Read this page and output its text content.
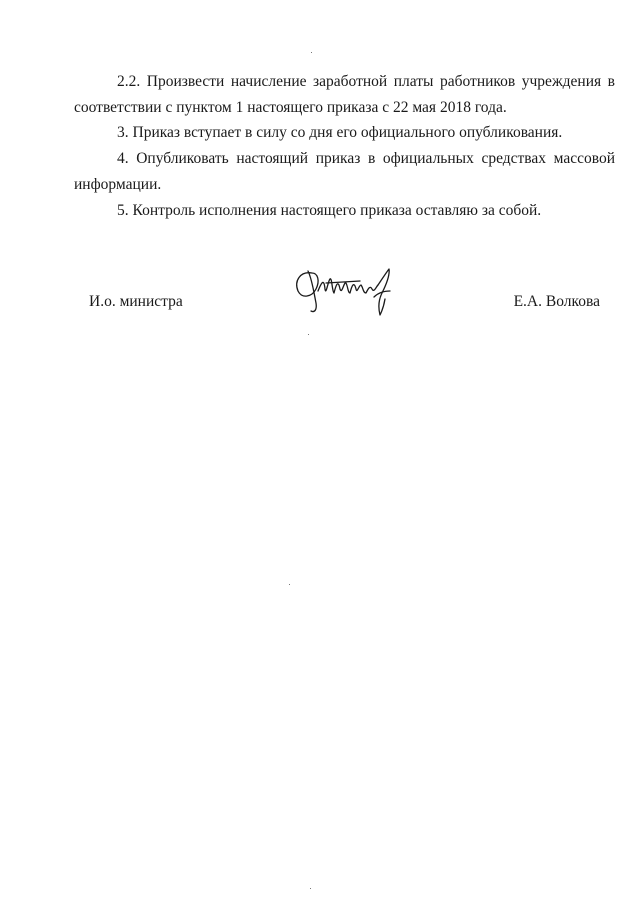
2.2. Произвести начисление заработной платы работников учреждения в соответствии с пунктом 1 настоящего приказа с 22 мая 2018 года.

3. Приказ вступает в силу со дня его официального опубликования.

4. Опубликовать настоящий приказ в официальных средствах массовой информации.

5. Контроль исполнения настоящего приказа оставляю за собой.

И.о. министра	Е.А. Волкова
